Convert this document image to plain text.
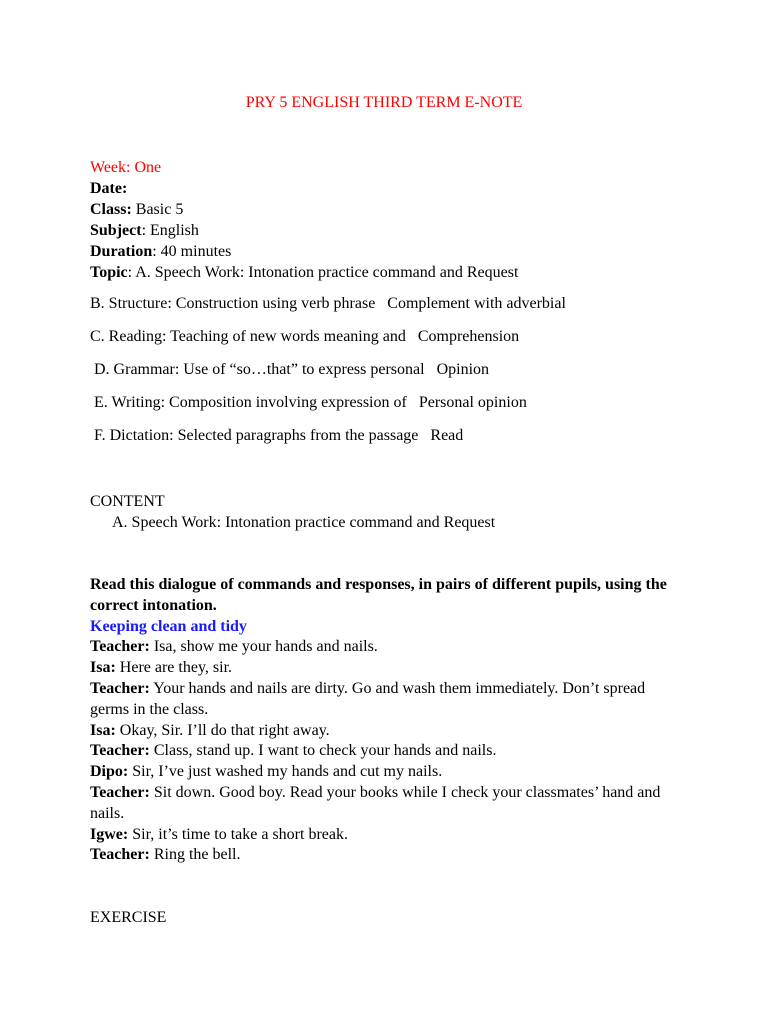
PRY 5 ENGLISH THIRD TERM E-NOTE
Week: One
Date:
Class: Basic 5
Subject: English
Duration: 40 minutes
Topic: A. Speech Work: Intonation practice command and Request
B. Structure: Construction using verb phrase   Complement with adverbial
C. Reading: Teaching of new words meaning and   Comprehension
D. Grammar: Use of “so…that” to express personal   Opinion
E. Writing: Composition involving expression of   Personal opinion
F. Dictation: Selected paragraphs from the passage   Read
CONTENT
A. Speech Work: Intonation practice command and Request
Read this dialogue of commands and responses, in pairs of different pupils, using the correct intonation.
Keeping clean and tidy
Teacher: Isa, show me your hands and nails.
Isa: Here are they, sir.
Teacher: Your hands and nails are dirty. Go and wash them immediately. Don’t spread germs in the class.
Isa: Okay, Sir. I’ll do that right away.
Teacher: Class, stand up. I want to check your hands and nails.
Dipo: Sir, I’ve just washed my hands and cut my nails.
Teacher: Sit down. Good boy. Read your books while I check your classmates’ hand and nails.
Igwe: Sir, it’s time to take a short break.
Teacher: Ring the bell.
EXERCISE
